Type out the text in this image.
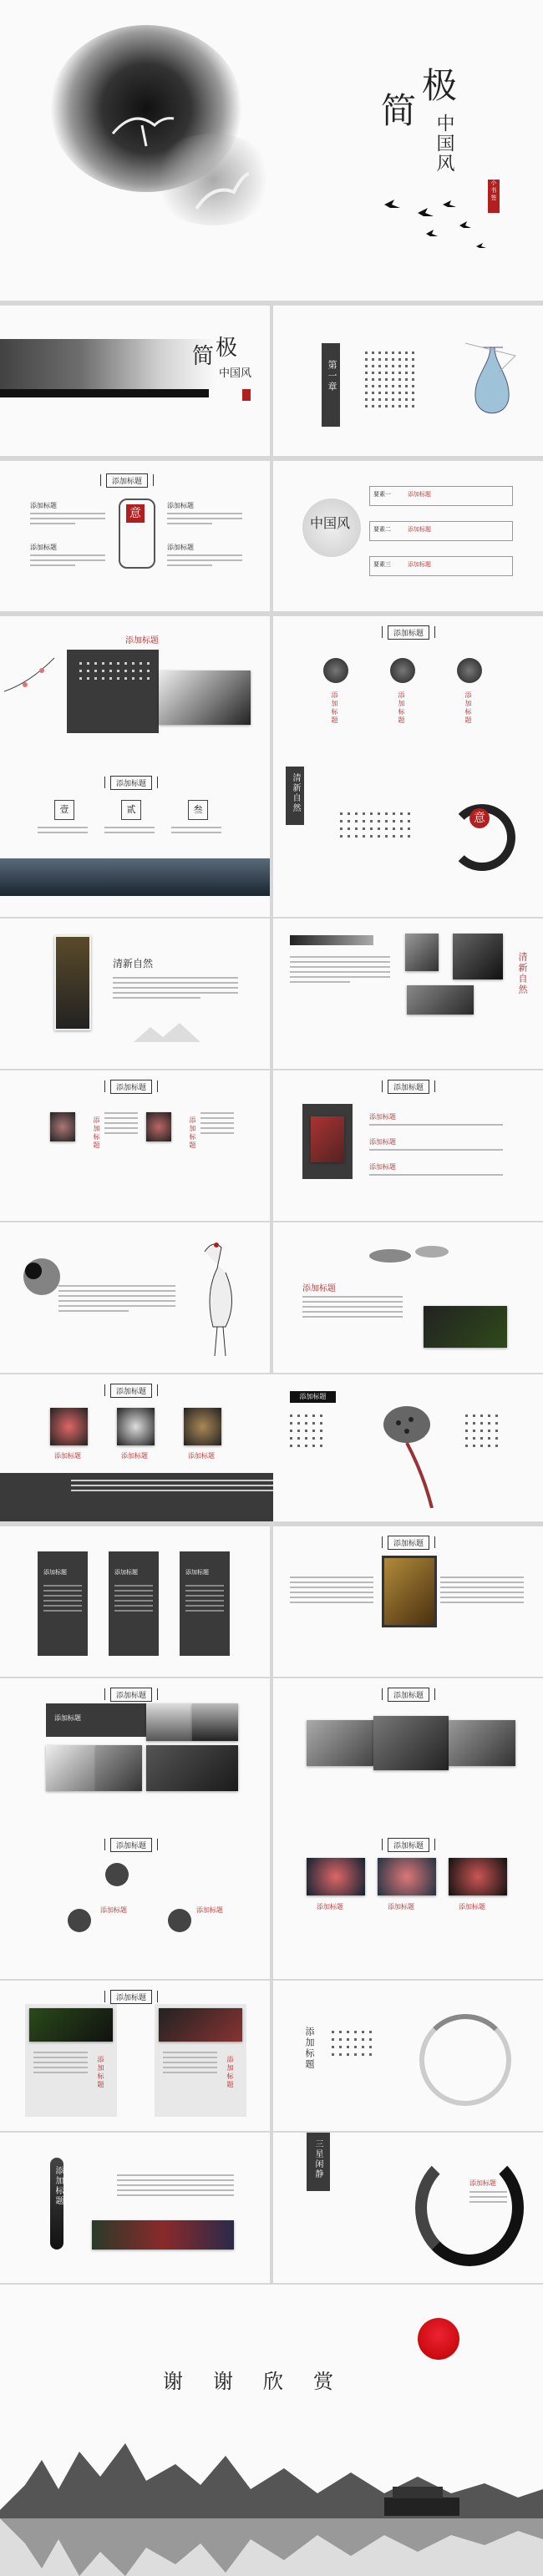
极
简
中国风
小书签
简 极
中国风	第一章
添加标题
添加标题
添加标题
意
添加标题
添加标题
中国风
要素一	添加标题
要素二	添加标题
要素三	添加标题
添加标题
添加标题
添加标题	添加标题	添加标题
添加标题
壹	贰	叁	清新自然
意
清新自然	清新自然
添加标题
添加标题	添加标题
添加标题
添加标题
添加标题
添加标题
添加标题
添加标题
添加标题	添加标题	添加标题
添加标题
添加标题	添加标题	添加标题
添加标题
添加标题
添加标题
添加标题
添加标题
添加标题	添加标题
添加标题
添加标题	添加标题	添加标题
添加标题
添加标题	添加标题
添加标题
添加标题
三星闲静
添加标题
谢 谢 欣 赏
